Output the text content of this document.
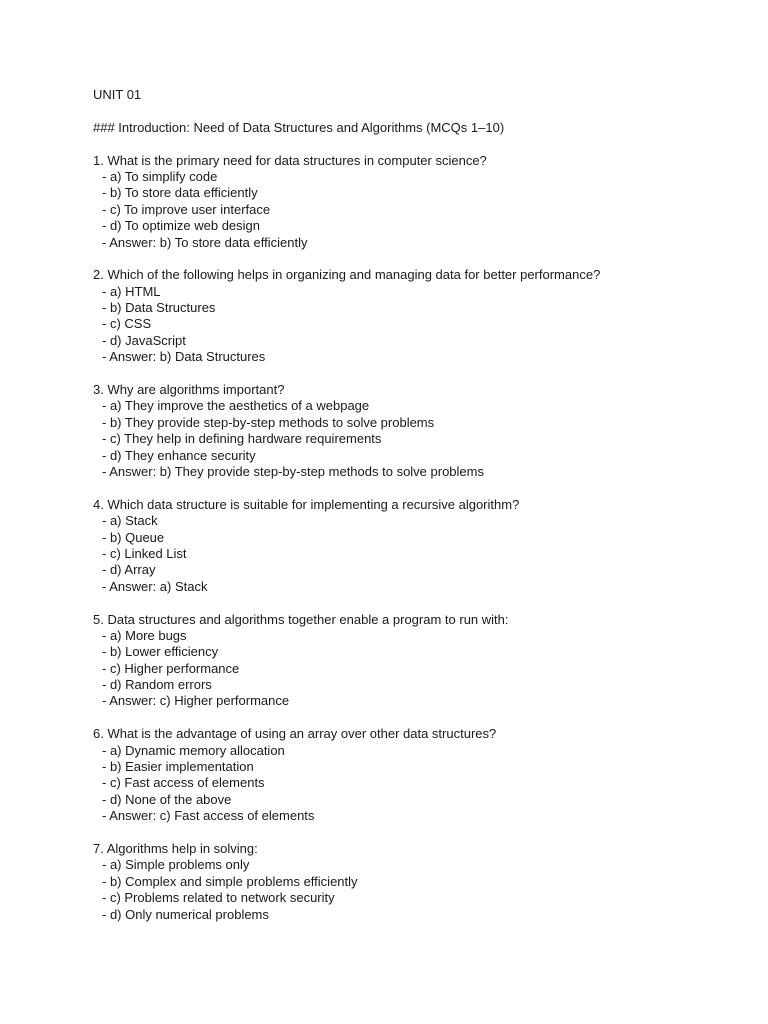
UNIT 01
### Introduction: Need of Data Structures and Algorithms (MCQs 1–10)
1. What is the primary need for data structures in computer science?
- a) To simplify code
- b) To store data efficiently
- c) To improve user interface
- d) To optimize web design
- Answer: b) To store data efficiently
2. Which of the following helps in organizing and managing data for better performance?
- a) HTML
- b) Data Structures
- c) CSS
- d) JavaScript
- Answer: b) Data Structures
3. Why are algorithms important?
- a) They improve the aesthetics of a webpage
- b) They provide step-by-step methods to solve problems
- c) They help in defining hardware requirements
- d) They enhance security
- Answer: b) They provide step-by-step methods to solve problems
4. Which data structure is suitable for implementing a recursive algorithm?
- a) Stack
- b) Queue
- c) Linked List
- d) Array
- Answer: a) Stack
5. Data structures and algorithms together enable a program to run with:
- a) More bugs
- b) Lower efficiency
- c) Higher performance
- d) Random errors
- Answer: c) Higher performance
6. What is the advantage of using an array over other data structures?
- a) Dynamic memory allocation
- b) Easier implementation
- c) Fast access of elements
- d) None of the above
- Answer: c) Fast access of elements
7. Algorithms help in solving:
- a) Simple problems only
- b) Complex and simple problems efficiently
- c) Problems related to network security
- d) Only numerical problems
